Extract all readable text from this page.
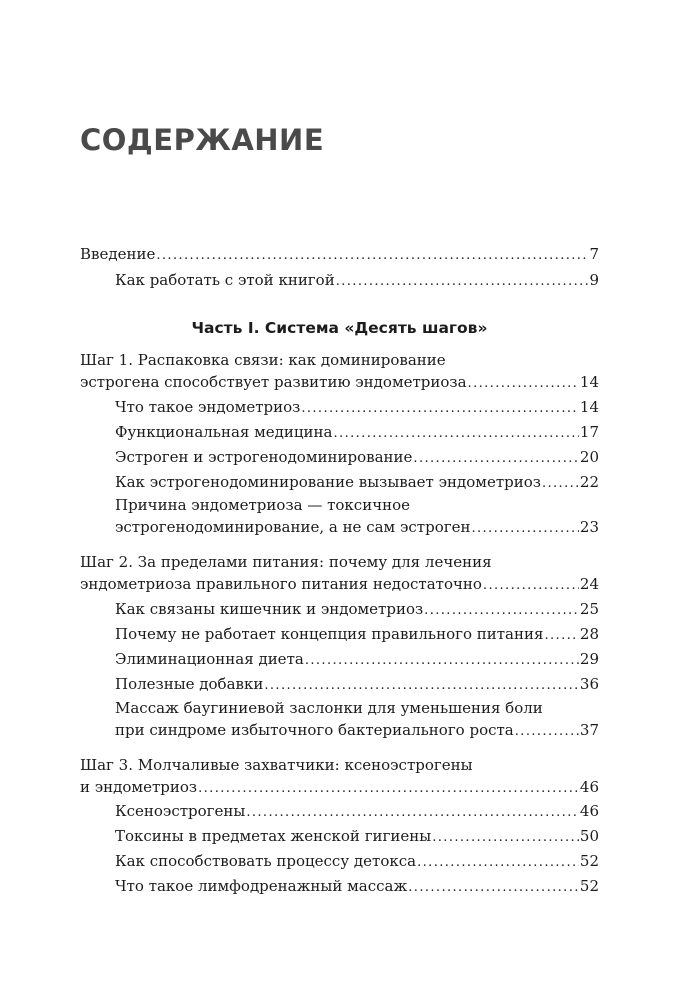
СОДЕРЖАНИЕ
Введение .....	7
Как работать с этой книгой .....	9
Часть I. Система «Десять шагов»
Шаг 1. Распаковка связи: как доминирование
эстрогена способствует развитию эндометриоза .....	14
Что такое эндометриоз .....	14
Функциональная медицина .....	17
Эстроген и эстрогенодоминирование .....	20
Как эстрогенодоминирование вызывает эндометриоз .....	22
Причина эндометриоза — токсичное
эстрогенодоминирование, а не сам эстроген .....	23
Шаг 2. За пределами питания: почему для лечения
эндометриоза правильного питания недостаточно .....	24
Как связаны кишечник и эндометриоз .....	25
Почему не работает концепция правильного питания ..... 28
Элиминационная диета .....	29
Полезные добавки .....	36
Массаж баугиниевой заслонки для уменьшения боли
при синдроме избыточного бактериального роста .....	37
Шаг 3. Молчаливые захватчики: ксеноэстрогены
и эндометриоз .....	46
Ксеноэстрогены .....	46
Токсины в предметах женской гигиены .....	50
Как способствовать процессу детокса .....	52
Что такое лимфодренажный массаж .....	52
